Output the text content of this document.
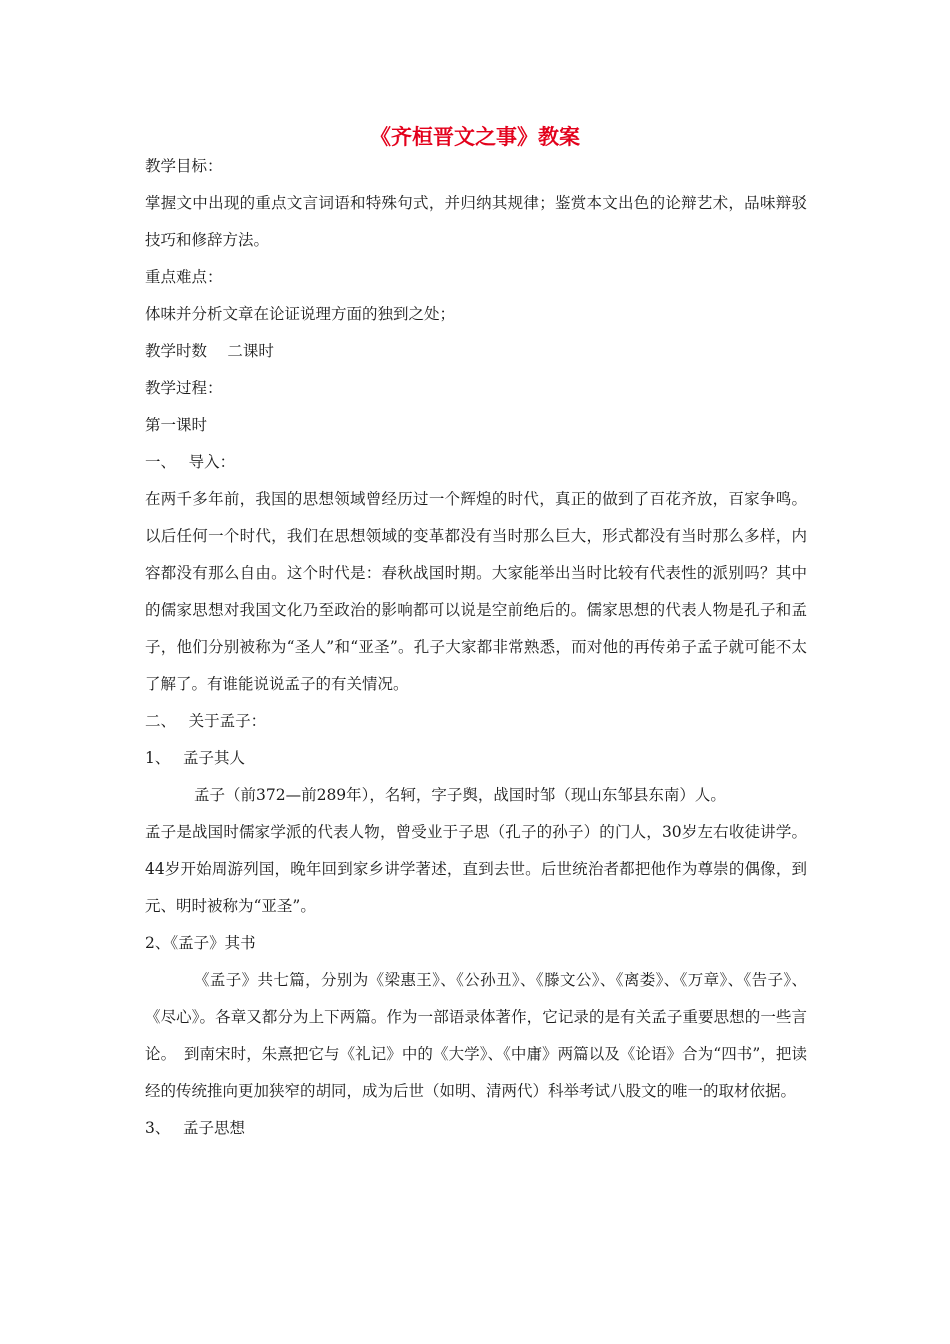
《齐桓晋文之事》教案

教学目标：

掌握文中出现的重点文言词语和特殊句式，并归纳其规律；鉴赏本文出色的论辩艺术，品味辩驳技巧和修辞方法。

重点难点：

体味并分析文章在论证说理方面的独到之处；

教学时数　 二课时

教学过程：

第一课时

一、　 导入：

在两千多年前，我国的思想领域曾经历过一个辉煌的时代，真正的做到了百花齐放，百家争鸣。以后任何一个时代，我们在思想领域的变革都没有当时那么巨大，形式都没有当时那么多样，内容都没有那么自由。这个时代是：春秋战国时期。大家能举出当时比较有代表性的派别吗？其中的儒家思想对我国文化乃至政治的影响都可以说是空前绝后的。儒家思想的代表人物是孔子和孟子，他们分别被称为“圣人”和“亚圣”。孔子大家都非常熟悉，而对他的再传弟子孟子就可能不太了解了。有谁能说说孟子的有关情况。

二、　 关于孟子：

1、　 孟子其人

孟子（前372—前289年），名轲，字子舆，战国时邹（现山东邹县东南）人。

孟子是战国时儒家学派的代表人物，曾受业于子思（孔子的孙子）的门人，30岁左右收徒讲学。44岁开始周游列国，晚年回到家乡讲学著述，直到去世。后世统治者都把他作为尊崇的偶像，到元、明时被称为“亚圣”。

2、《孟子》其书

《孟子》共七篇，分别为《梁惠王》、《公孙丑》、《滕文公》、《离娄》、《万章》、《告子》、《尽心》。各章又都分为上下两篇。作为一部语录体著作，它记录的是有关孟子重要思想的一些言论。　到南宋时，朱熹把它与《礼记》中的《大学》、《中庸》两篇以及《论语》合为“四书”，把读经的传统推向更加狭窄的胡同，成为后世（如明、清两代）科举考试八股文的唯一的取材依据。

3、　 孟子思想
